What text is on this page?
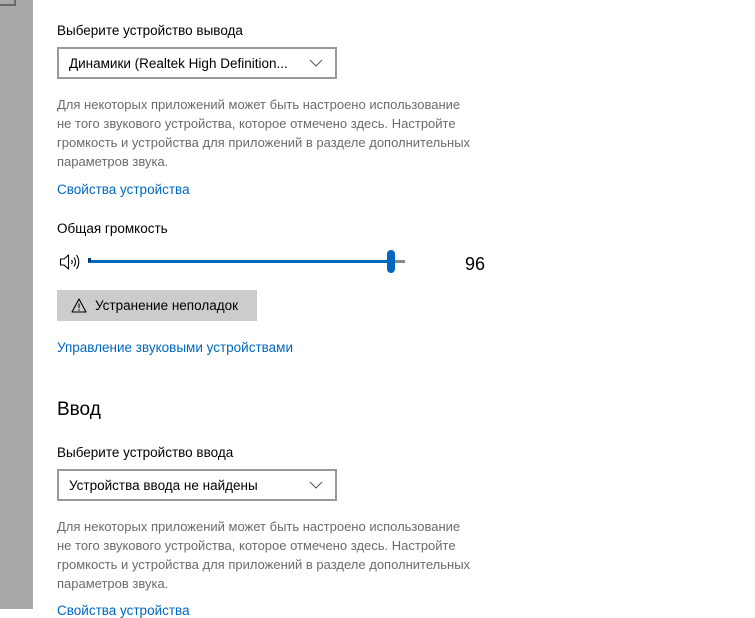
Выберите устройство вывода
Динамики (Realtek High Definition...
Для некоторых приложений может быть настроено использование
не того звукового устройства, которое отмечено здесь. Настройте
громкость и устройства для приложений в разделе дополнительных
параметров звука.
Свойства устройства
Общая громкость
96
Устранение неполадок
Управление звуковыми устройствами
Ввод
Выберите устройство ввода
Устройства ввода не найдены
Для некоторых приложений может быть настроено использование
не того звукового устройства, которое отмечено здесь. Настройте
громкость и устройства для приложений в разделе дополнительных
параметров звука.
Свойства устройства
